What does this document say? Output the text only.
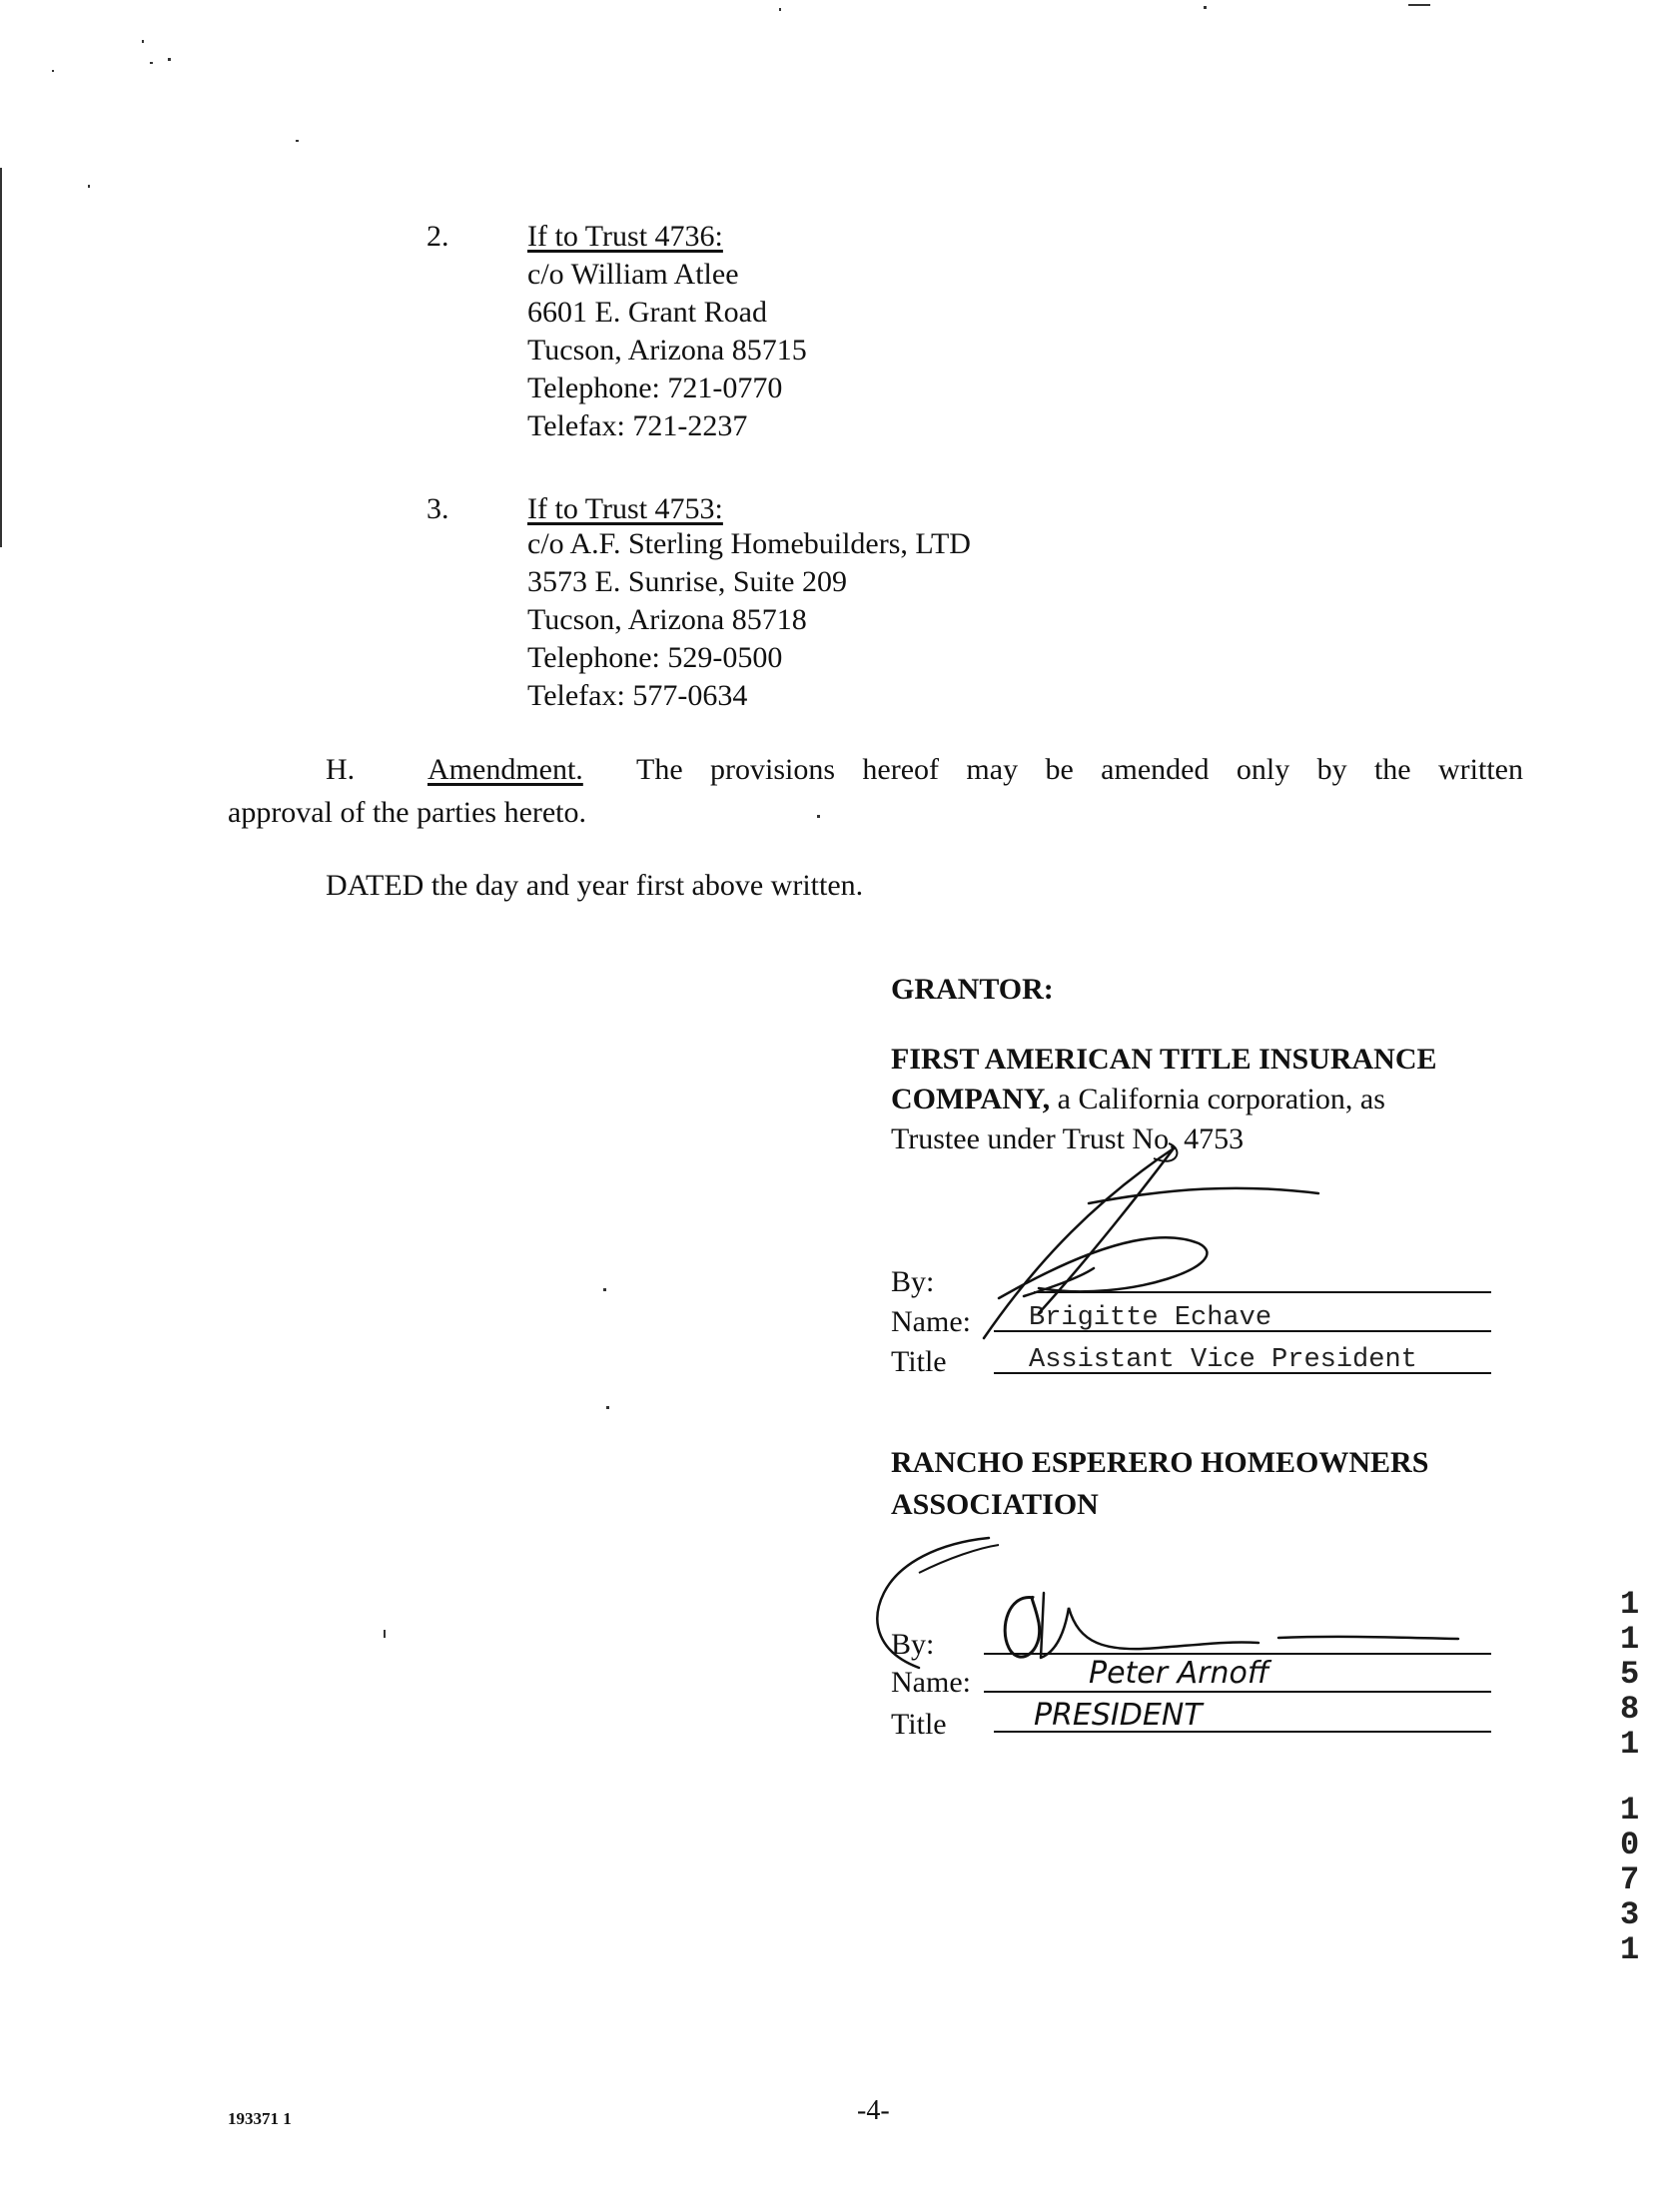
2.	If to Trust 4736:
c/o William Atlee
6601 E. Grant Road
Tucson, Arizona 85715
Telephone: 721-0770
Telefax: 721-2237
3.	If to Trust 4753:
c/o A.F. Sterling Homebuilders, LTD
3573 E. Sunrise, Suite 209
Tucson, Arizona 85718
Telephone: 529-0500
Telefax: 577-0634
H. Amendment. The provisions hereof may be amended only by the written
approval of the parties hereto.
DATED the day and year first above written.
GRANTOR:
FIRST AMERICAN TITLE INSURANCE
COMPANY, a California corporation, as
Trustee under Trust No. 4753
By:
Name: Brigitte Echave
Title	Assistant Vice President
RANCHO ESPERERO HOMEOWNERS
ASSOCIATION
By:
Name:	Peter Arnoff
Title	PRESIDENT
193371 1	-4-
1
1
5
8
1
1
0
7
3
1
